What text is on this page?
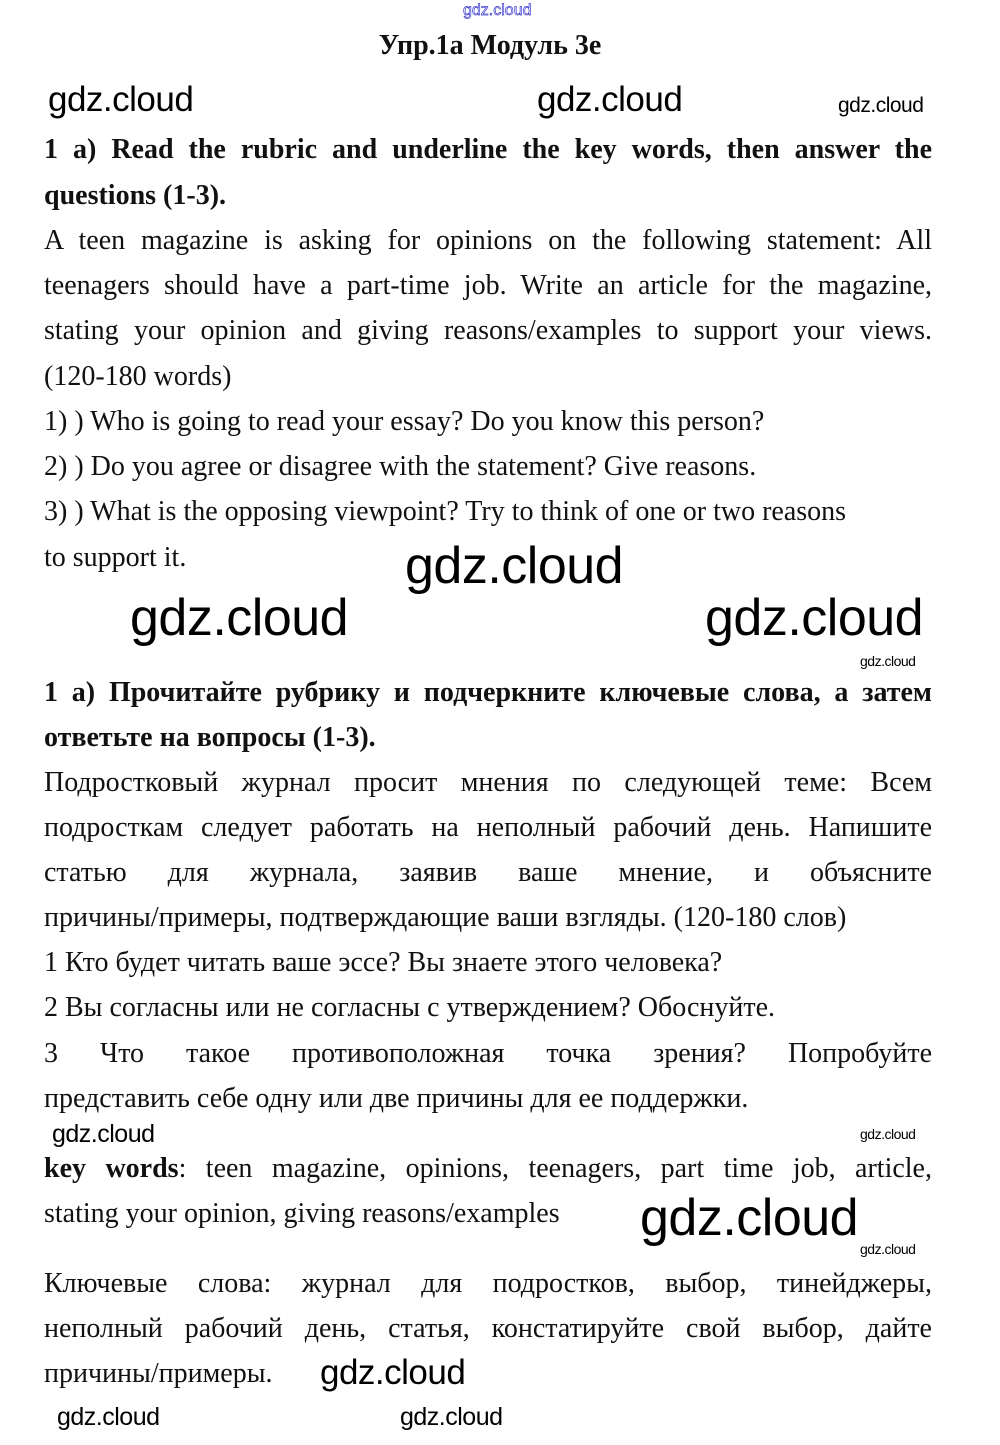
gdz.cloud
Упр.1а Модуль 3е
1 a) Read the rubric and underline the key words, then answer the
questions (1-3).
A teen magazine is asking for opinions on the following statement: All
teenagers should have a part-time job. Write an article for the magazine,
stating your opinion and giving reasons/examples to support your views.
(120-180 words)
1) ) Who is going to read your essay? Do you know this person?
2) ) Do you agree or disagree with the statement? Give reasons.
3) ) What is the opposing viewpoint? Try to think of one or two reasons
to support it.
1 а) Прочитайте рубрику и подчеркните ключевые слова, а затем
ответьте на вопросы (1-3).
Подростковый журнал просит мнения по следующей теме: Всем
подросткам следует работать на неполный рабочий день. Напишите
статью для журнала, заявив ваше мнение, и объясните
причины/примеры, подтверждающие ваши взгляды. (120-180 слов)
1 Кто будет читать ваше эссе? Вы знаете этого человека?
2 Вы согласны или не согласны с утверждением? Обоснуйте.
3 Что такое противоположная точка зрения? Попробуйте
представить себе одну или две причины для ее поддержки.
key words: teen magazine, opinions, teenagers, part time job, article,
stating your opinion, giving reasons/examples
Ключевые слова: журнал для подростков, выбор, тинейджеры,
неполный рабочий день, статья, констатируйте свой выбор, дайте
причины/примеры.
gdz.cloud	gdz.cloud	gdz.cloud
gdz.cloud
gdz.cloud	gdz.cloud
gdz.cloud
gdz.cloud	gdz.cloud
gdz.cloud
gdz.cloud
gdz.cloud
gdz.cloud	gdz.cloud
